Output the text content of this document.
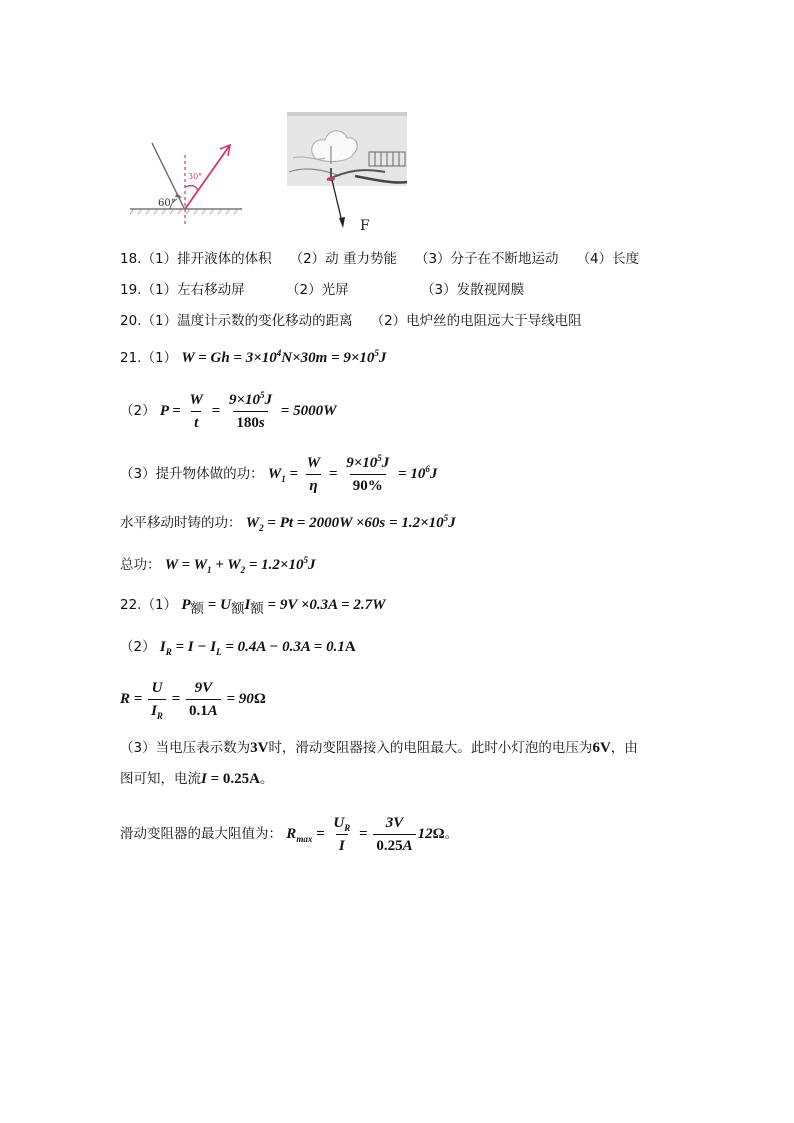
60°
30°
F
18.（1）排开液体的体积 （2）动 重力势能 （3）分子在不断地运动 （4）长度
19.（1）左右移动屏	（2）光屏	（3）发散视网膜
20.（1）温度计示数的变化移动的距离 （2）电炉丝的电阻远大于导线电阻
21.（1） $W = Gh = 3\times 10^4N\times 30m = 9\times 10^5J$
（2） $P = \frac{W}{t} = \frac{9\times 10^5J}{180s} = 5000W$
（3）提升物体做的功： $W_1 = \frac{W}{\eta} = \frac{9\times 10^5J}{90\%} = 10^6J$
水平移动时铸的功： $W_2 = Pt = 2000W \times 60s = 1.2\times 10^5J$
总功： $W = W_1 + W_2 = 1.2\times 10^5J$
22.（1） $P_额 = U_额I_额 = 9V \times 0.3A = 2.7W$
（2） $I_R = I - I_L = 0.4A - 0.3A = 0.1A$
$R = \frac{U}{I_R} = \frac{9V}{0.1A} = 90\Omega$
（3）当电压表示数为3V时，滑动变阻器接入的电阻最大。此时小灯泡的电压为6V，由
图可知，电流I = 0.25A。
滑动变阻器的最大阻值为： $R_{max} = \frac{U_R}{I} = \frac{3V}{0.25A} 12\Omega$。
